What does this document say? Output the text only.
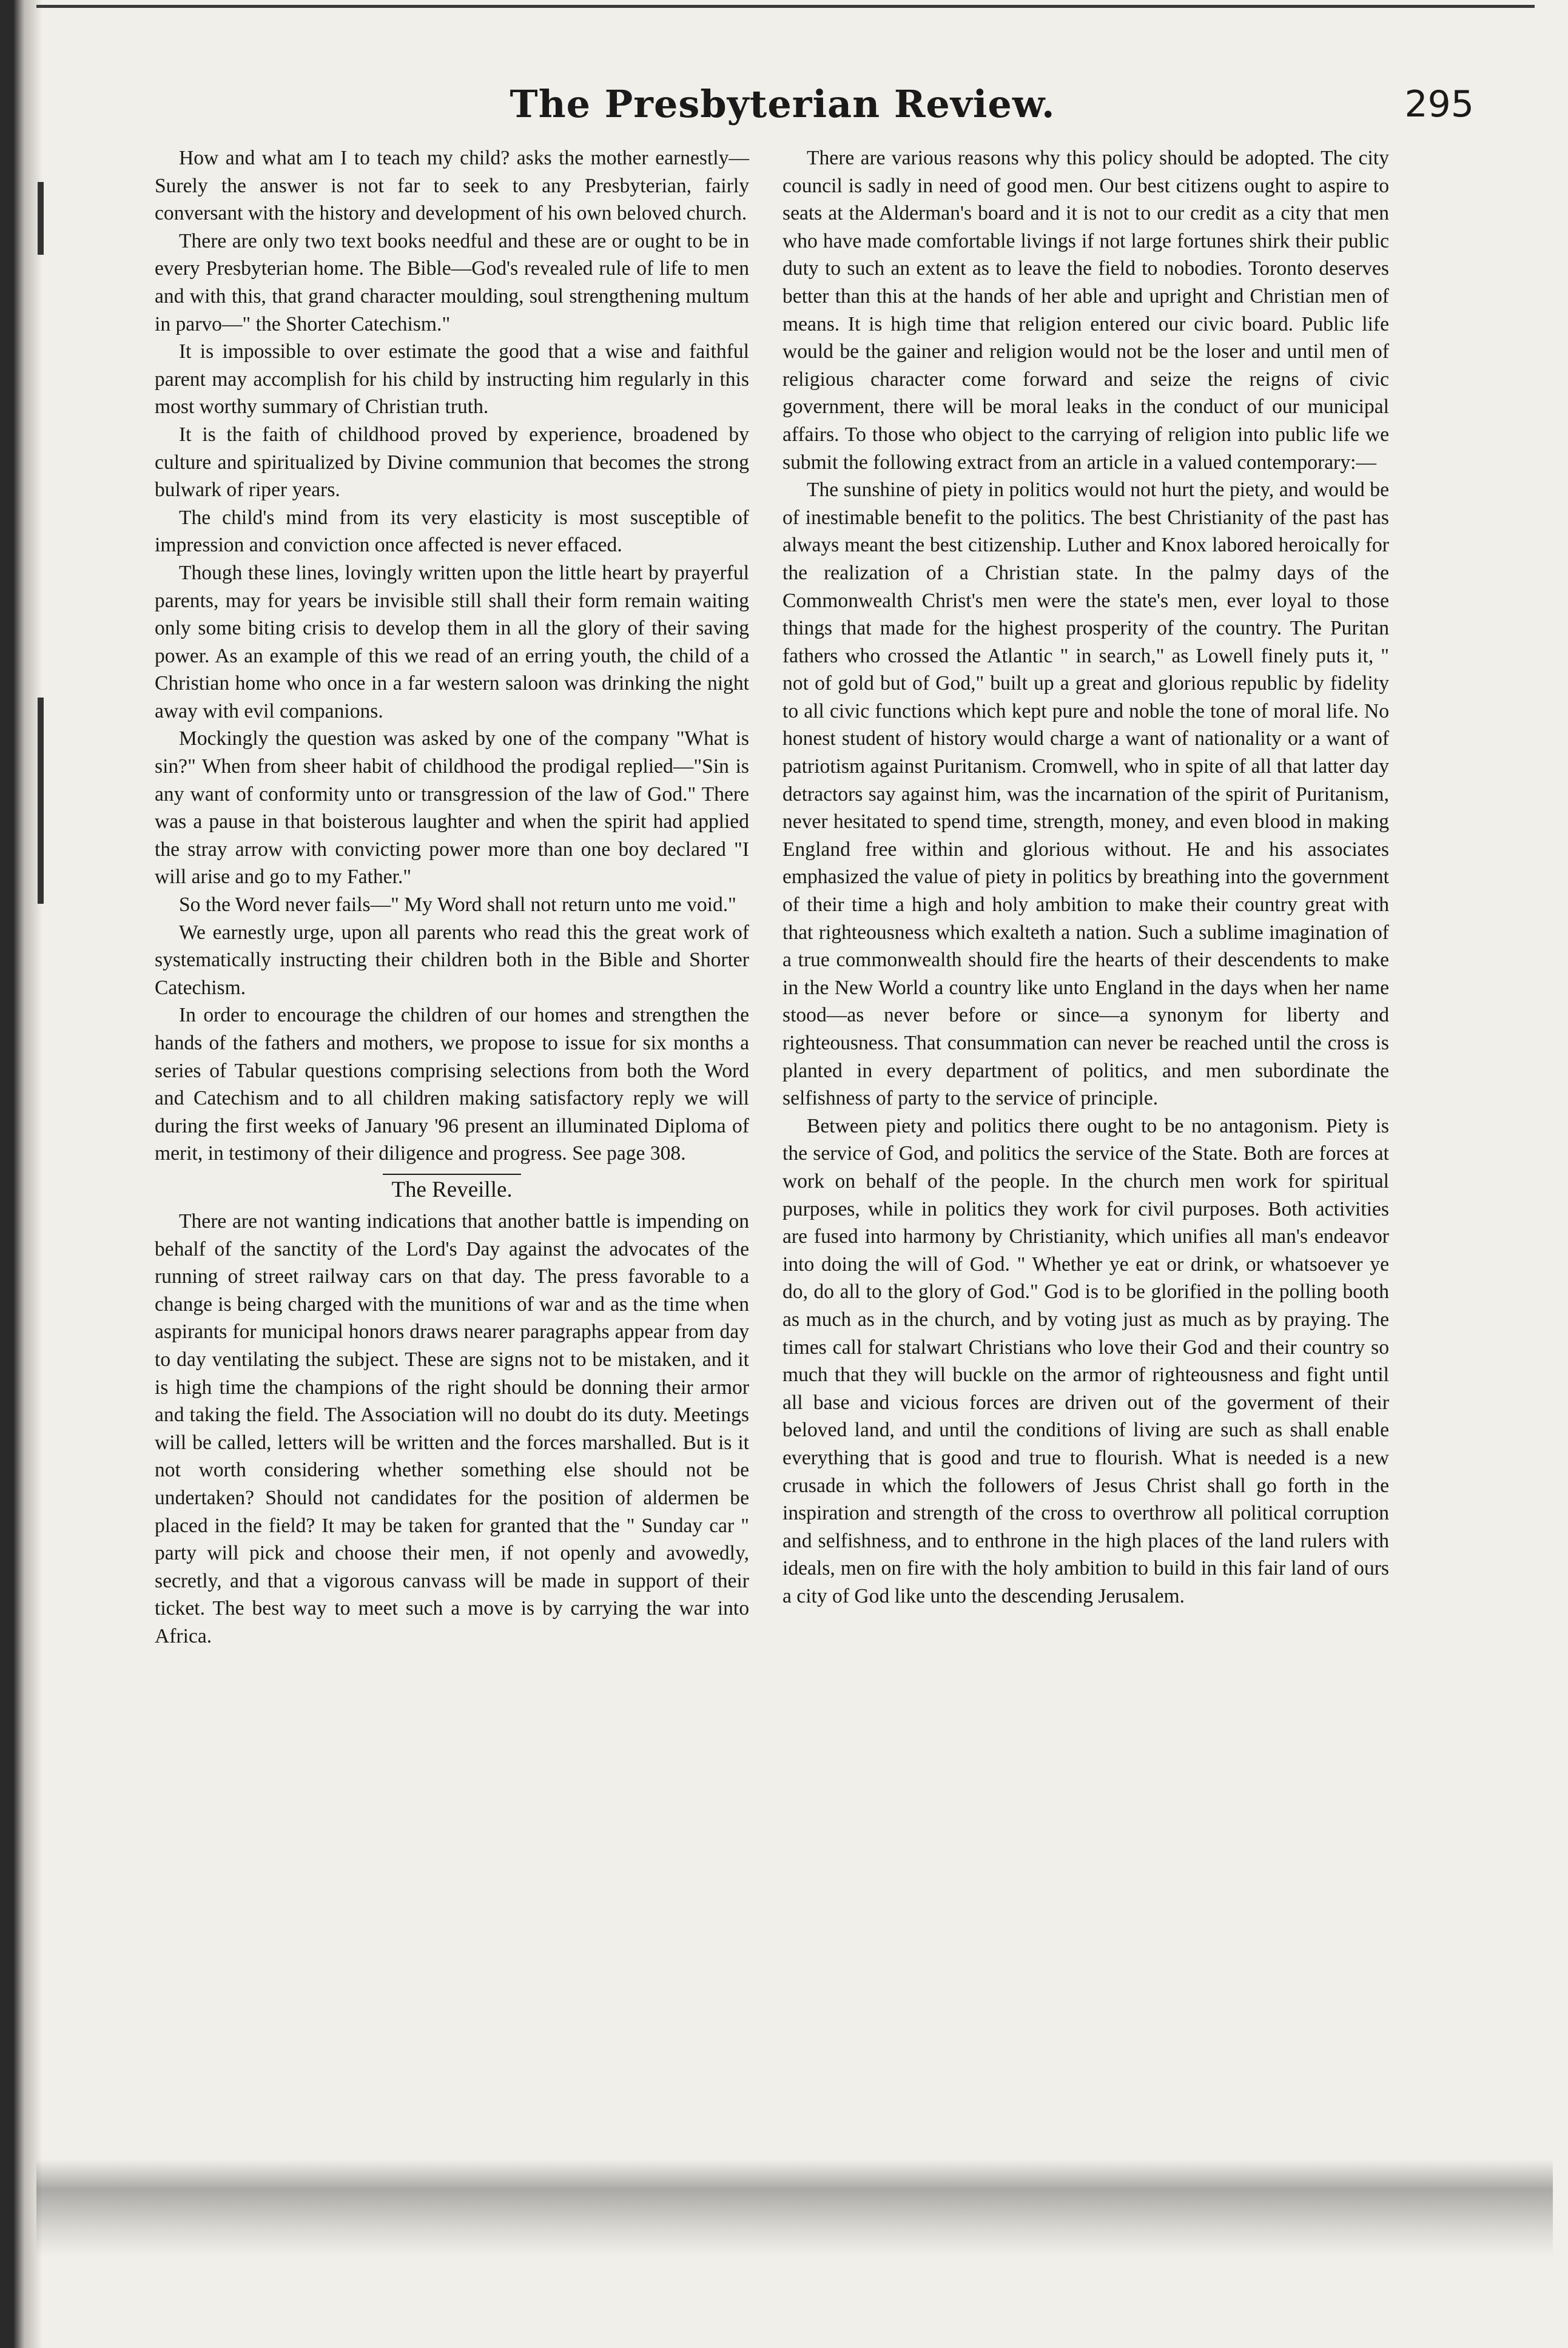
The Presbyterian Review.	295

How and what am I to teach my child? asks the mother earnestly—Surely the answer is not far to seek to any Presbyterian, fairly conversant with the history and development of his own beloved church.

There are only two text books needful and these are or ought to be in every Presbyterian home. The Bible—God's revealed rule of life to men and with this, that grand character moulding, soul strengthening multum in parvo—" the Shorter Catechism."

It is impossible to over estimate the good that a wise and faithful parent may accomplish for his child by instructing him regularly in this most worthy summary of Christian truth.

It is the faith of childhood proved by experience, broadened by culture and spiritualized by Divine communion that becomes the strong bulwark of riper years.

The child's mind from its very elasticity is most susceptible of impression and conviction once affected is never effaced.

Though these lines, lovingly written upon the little heart by prayerful parents, may for years be invisible still shall their form remain waiting only some biting crisis to develop them in all the glory of their saving power. As an example of this we read of an erring youth, the child of a Christian home who once in a far western saloon was drinking the night away with evil companions.

Mockingly the question was asked by one of the company "What is sin?" When from sheer habit of childhood the prodigal replied—"Sin is any want of conformity unto or transgression of the law of God." There was a pause in that boisterous laughter and when the spirit had applied the stray arrow with convicting power more than one boy declared "I will arise and go to my Father."

So the Word never fails—" My Word shall not return unto me void."

We earnestly urge, upon all parents who read this the great work of systematically instructing their children both in the Bible and Shorter Catechism.

In order to encourage the children of our homes and strengthen the hands of the fathers and mothers, we propose to issue for six months a series of Tabular questions comprising selections from both the Word and Catechism and to all children making satisfactory reply we will during the first weeks of January '96 present an illuminated Diploma of merit, in testimony of their diligence and progress. See page 308.

The Reveille.

There are not wanting indications that another battle is impending on behalf of the sanctity of the Lord's Day against the advocates of the running of street railway cars on that day. The press favorable to a change is being charged with the munitions of war and as the time when aspirants for municipal honors draws nearer paragraphs appear from day to day ventilating the subject. These are signs not to be mistaken, and it is high time the champions of the right should be donning their armor and taking the field. The Association will no doubt do its duty. Meetings will be called, letters will be written and the forces marshalled. But is it not worth considering whether something else should not be undertaken? Should not candidates for the position of aldermen be placed in the field? It may be taken for granted that the " Sunday car " party will pick and choose their men, if not openly and avowedly, secretly, and that a vigorous canvass will be made in support of their ticket. The best way to meet such a move is by carrying the war into Africa.

There are various reasons why this policy should be adopted. The city council is sadly in need of good men. Our best citizens ought to aspire to seats at the Alderman's board and it is not to our credit as a city that men who have made comfortable livings if not large fortunes shirk their public duty to such an extent as to leave the field to nobodies. Toronto deserves better than this at the hands of her able and upright and Christian men of means. It is high time that religion entered our civic board. Public life would be the gainer and religion would not be the loser and until men of religious character come forward and seize the reigns of civic government, there will be moral leaks in the conduct of our municipal affairs. To those who object to the carrying of religion into public life we submit the following extract from an article in a valued contemporary:—

The sunshine of piety in politics would not hurt the piety, and would be of inestimable benefit to the politics. The best Christianity of the past has always meant the best citizenship. Luther and Knox labored heroically for the realization of a Christian state. In the palmy days of the Commonwealth Christ's men were the state's men, ever loyal to those things that made for the highest prosperity of the country. The Puritan fathers who crossed the Atlantic " in search," as Lowell finely puts it, " not of gold but of God," built up a great and glorious republic by fidelity to all civic functions which kept pure and noble the tone of moral life. No honest student of history would charge a want of nationality or a want of patriotism against Puritanism. Cromwell, who in spite of all that latter day detractors say against him, was the incarnation of the spirit of Puritanism, never hesitated to spend time, strength, money, and even blood in making England free within and glorious without. He and his associates emphasized the value of piety in politics by breathing into the government of their time a high and holy ambition to make their country great with that righteousness which exalteth a nation. Such a sublime imagination of a true commonwealth should fire the hearts of their descendents to make in the New World a country like unto England in the days when her name stood—as never before or since—a synonym for liberty and righteousness. That consummation can never be reached until the cross is planted in every department of politics, and men subordinate the selfishness of party to the service of principle.

Between piety and politics there ought to be no antagonism. Piety is the service of God, and politics the service of the State. Both are forces at work on behalf of the people. In the church men work for spiritual purposes, while in politics they work for civil purposes. Both activities are fused into harmony by Christianity, which unifies all man's endeavor into doing the will of God. " Whether ye eat or drink, or whatsoever ye do, do all to the glory of God." God is to be glorified in the polling booth as much as in the church, and by voting just as much as by praying. The times call for stalwart Christians who love their God and their country so much that they will buckle on the armor of righteousness and fight until all base and vicious forces are driven out of the goverment of their beloved land, and until the conditions of living are such as shall enable everything that is good and true to flourish. What is needed is a new crusade in which the followers of Jesus Christ shall go forth in the inspiration and strength of the cross to overthrow all political corruption and selfishness, and to enthrone in the high places of the land rulers with ideals, men on fire with the holy ambition to build in this fair land of ours a city of God like unto the descending Jerusalem.
